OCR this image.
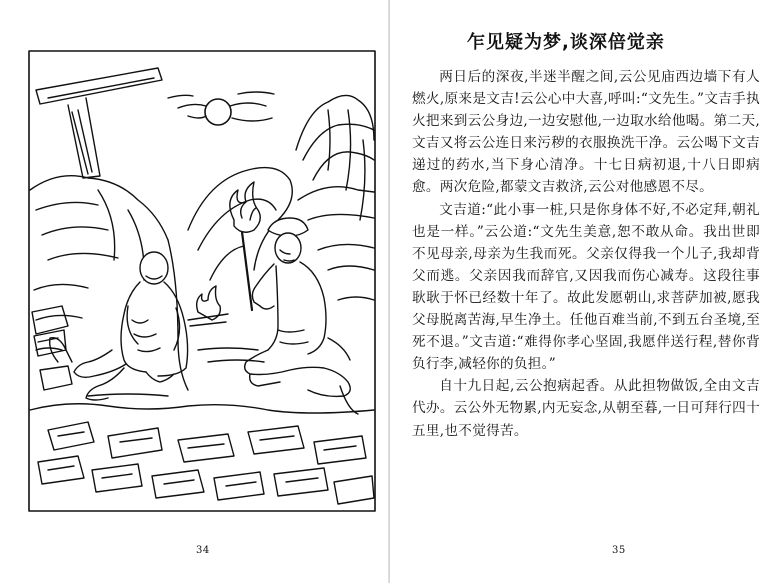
34
乍见疑为梦,谈深倍觉亲

两日后的深夜,半迷半醒之间,云公见庙西边墙下有人燃火,原来是文吉!云公心中大喜,呼叫:“文先生。”文吉手执火把来到云公身边,一边安慰他,一边取水给他喝。第二天,文吉又将云公连日来污秽的衣服换洗干净。云公喝下文吉递过的药水,当下身心清净。十七日病初退,十八日即病愈。两次危险,都蒙文吉救济,云公对他感恩不尽。

文吉道:“此小事一桩,只是你身体不好,不必定拜,朝礼也是一样。”云公道:“文先生美意,恕不敢从命。我出世即不见母亲,母亲为生我而死。父亲仅得我一个儿子,我却背父而逃。父亲因我而辞官,又因我而伤心减寿。这段往事耿耿于怀已经数十年了。故此发愿朝山,求菩萨加被,愿我父母脱离苦海,早生净土。任他百难当前,不到五台圣境,至死不退。”文吉道:“难得你孝心坚固,我愿伴送行程,替你背负行李,减轻你的负担。”

自十九日起,云公抱病起香。从此担物做饭,全由文吉代办。云公外无物累,内无妄念,从朝至暮,一日可拜行四十五里,也不觉得苦。

35
